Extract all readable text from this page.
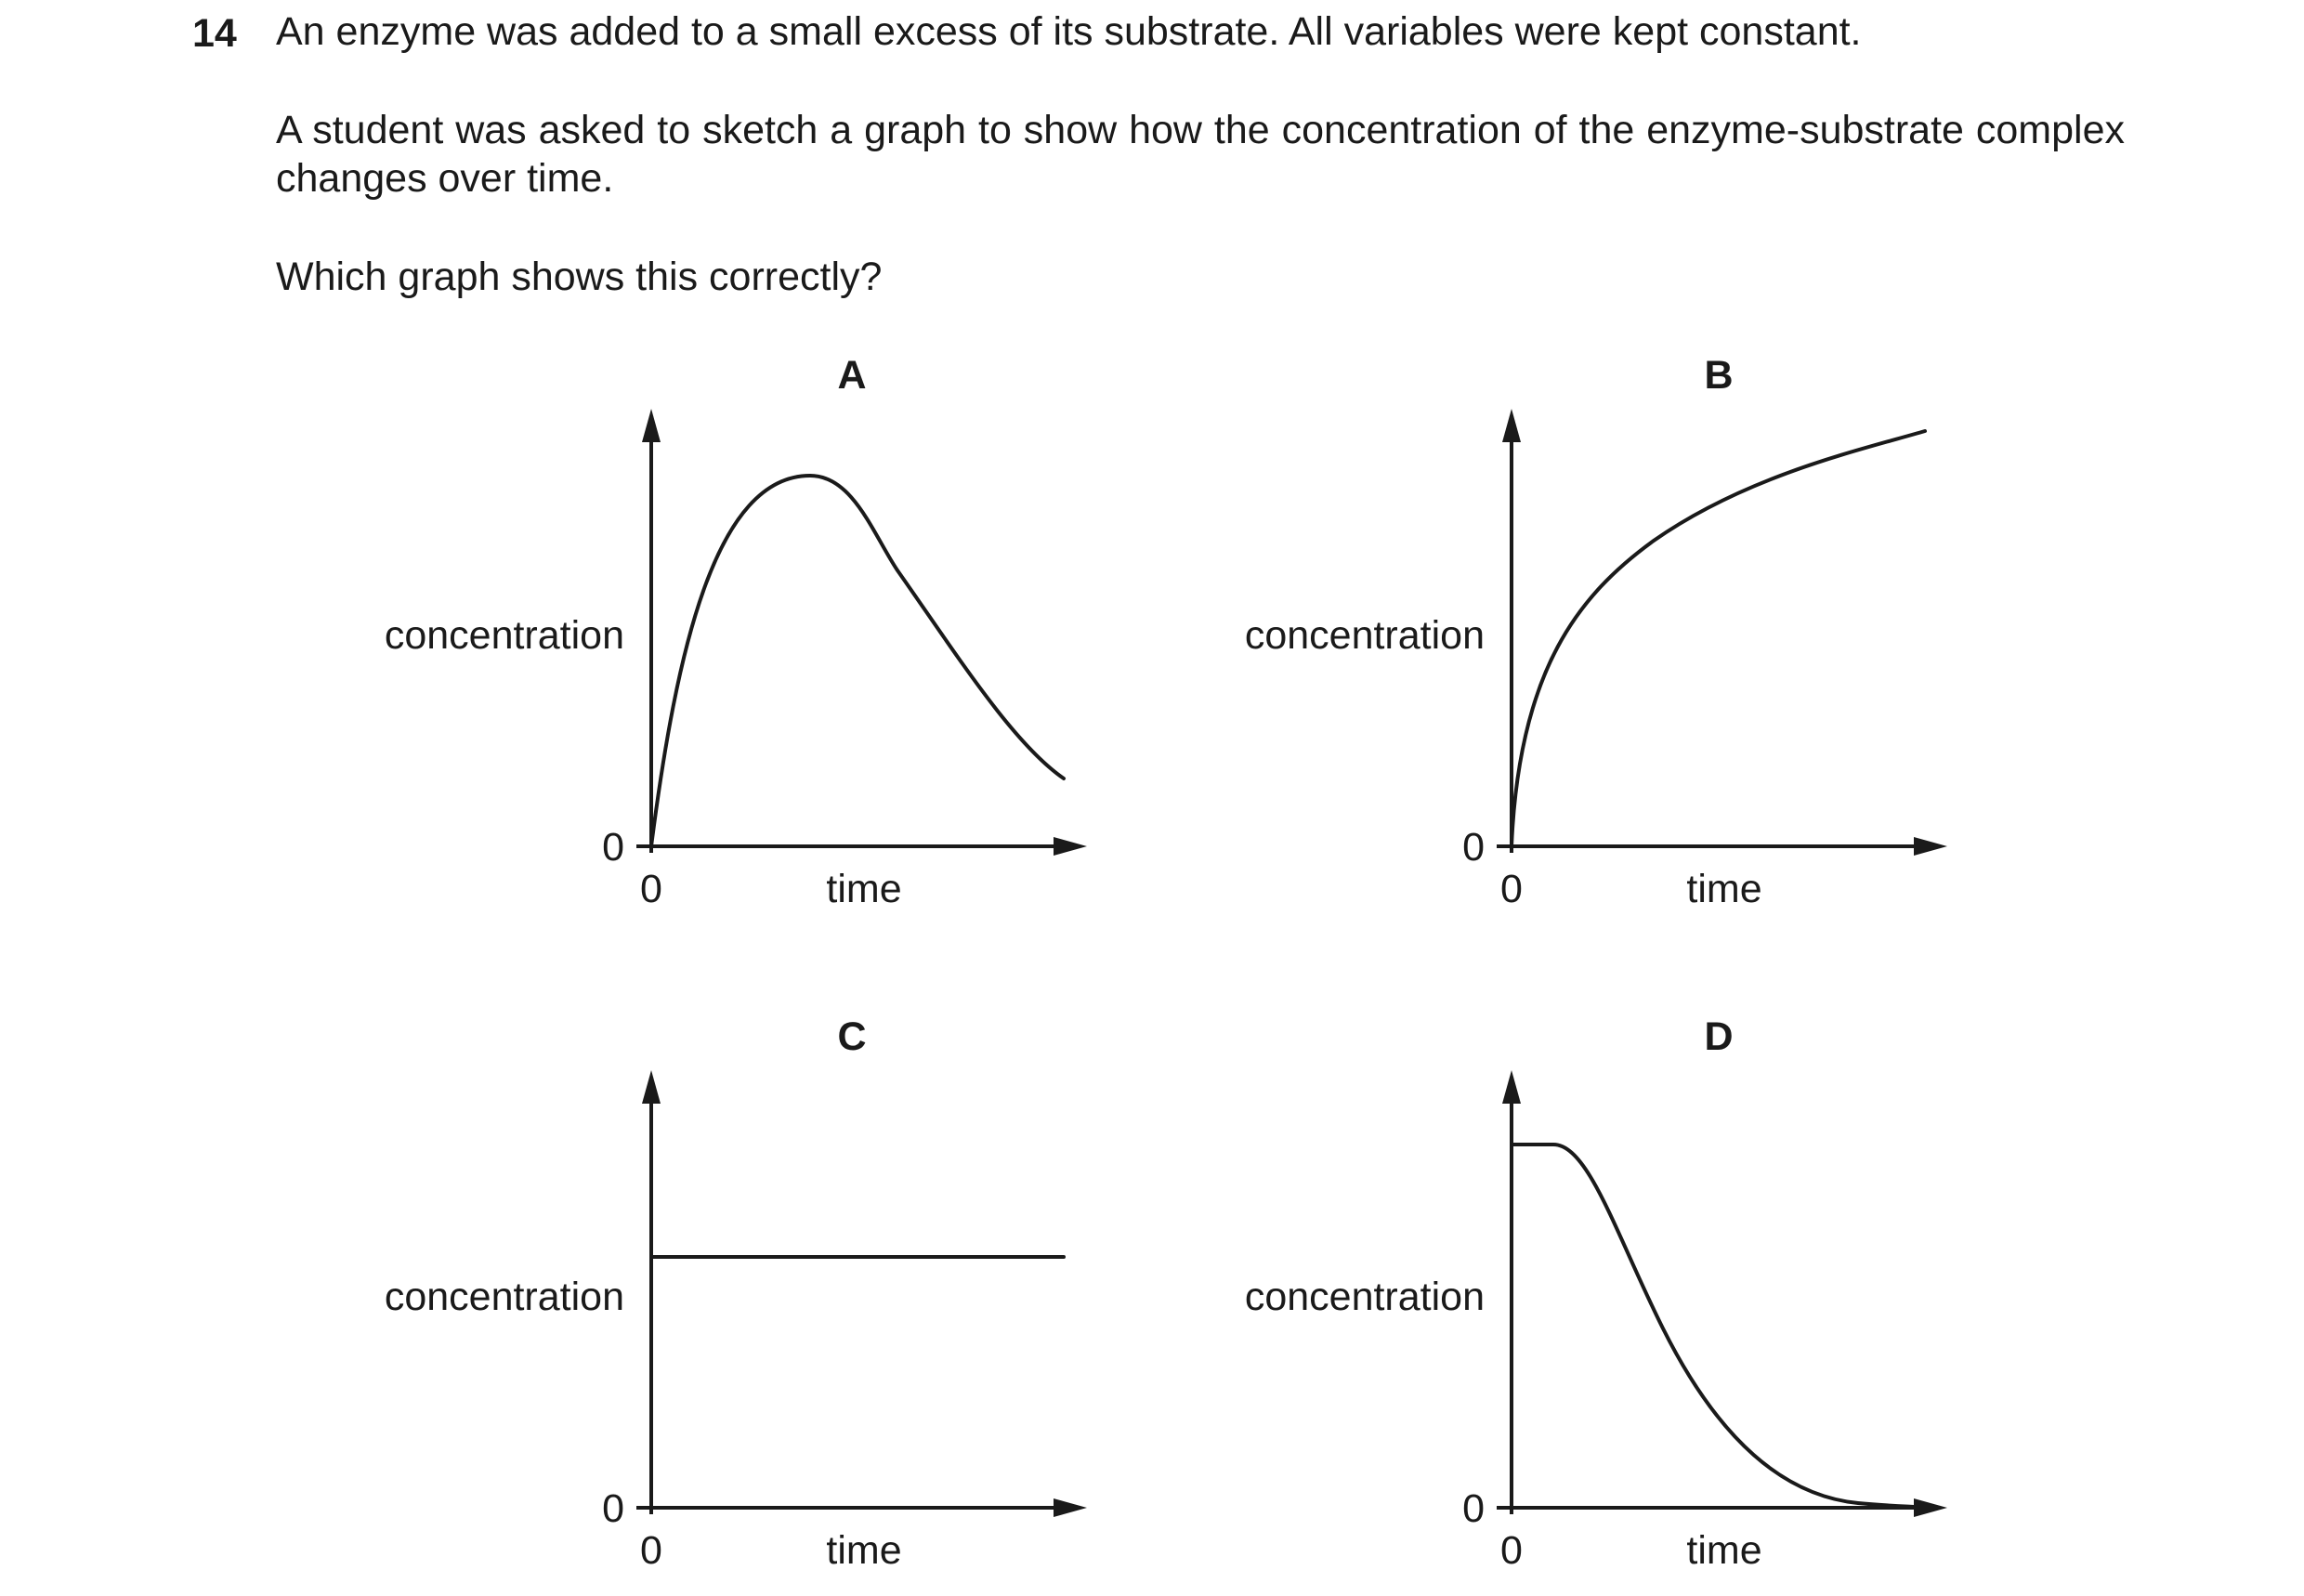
14 An enzyme was added to a small excess of its substrate. All variables were kept constant.

A student was asked to sketch a graph to show how the concentration of the enzyme-substrate complex changes over time.

Which graph shows this correctly?

A
concentration
0
0	time
B
concentration
0
0	time
C
concentration
0
0	time
D
concentration
0
0	time
